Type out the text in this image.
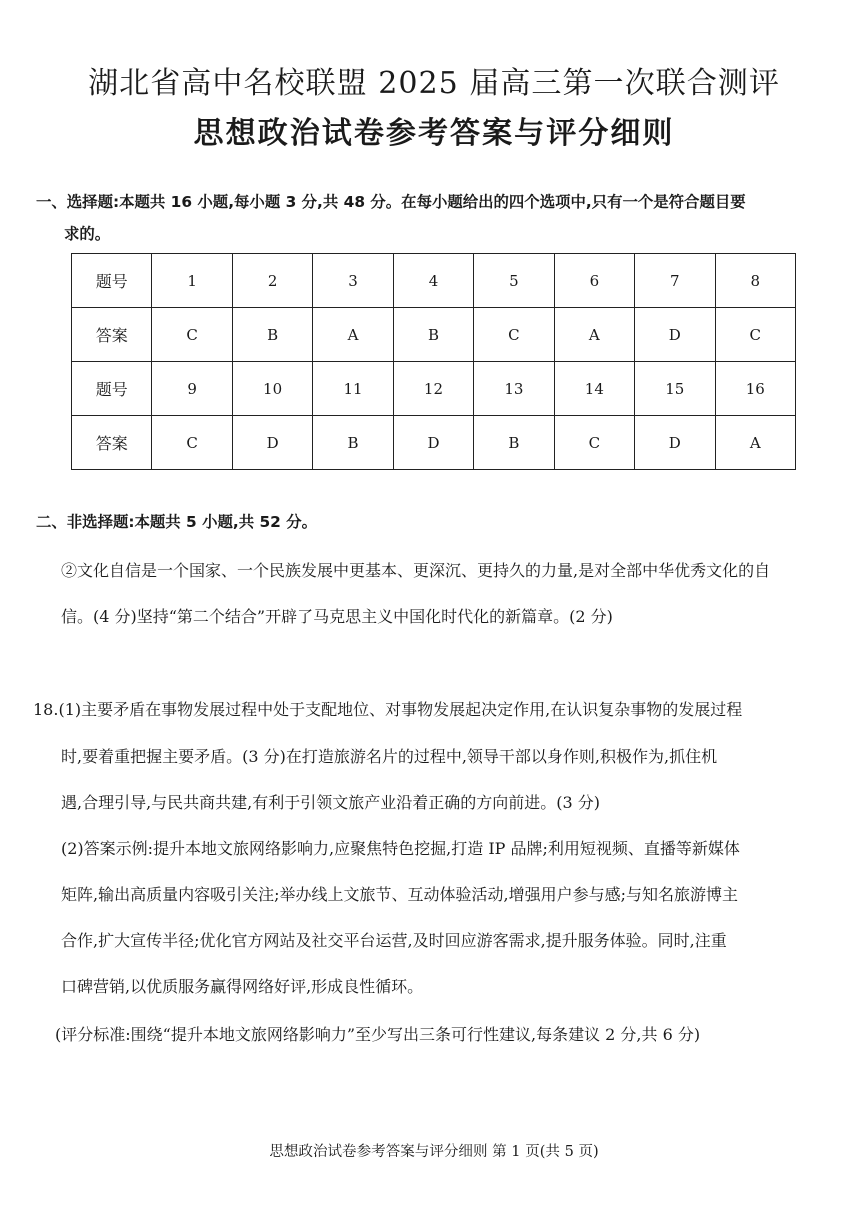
湖北省高中名校联盟 2025 届高三第一次联合测评
思想政治试卷参考答案与评分细则
一、选择题:本题共 16 小题,每小题 3 分,共 48 分。在每小题给出的四个选项中,只有一个是符合题目要
求的。
题号	1	2	3	4	5	6	7	8
答案	C	B	A	B	C	A	D	C
题号	9	10	11	12	13	14	15	16
答案	C	D	B	D	B	C	D	A
二、非选择题:本题共 5 小题,共 52 分。
②文化自信是一个国家、一个民族发展中更基本、更深沉、更持久的力量,是对全部中华优秀文化的自
信。(4 分)坚持“第二个结合”开辟了马克思主义中国化时代化的新篇章。(2 分)
18.(1)主要矛盾在事物发展过程中处于支配地位、对事物发展起决定作用,在认识复杂事物的发展过程
时,要着重把握主要矛盾。(3 分)在打造旅游名片的过程中,领导干部以身作则,积极作为,抓住机
遇,合理引导,与民共商共建,有利于引领文旅产业沿着正确的方向前进。(3 分)
(2)答案示例:提升本地文旅网络影响力,应聚焦特色挖掘,打造 IP 品牌;利用短视频、直播等新媒体
矩阵,输出高质量内容吸引关注;举办线上文旅节、互动体验活动,增强用户参与感;与知名旅游博主
合作,扩大宣传半径;优化官方网站及社交平台运营,及时回应游客需求,提升服务体验。同时,注重
口碑营销,以优质服务赢得网络好评,形成良性循环。
(评分标准:围绕“提升本地文旅网络影响力”至少写出三条可行性建议,每条建议 2 分,共 6 分)
思想政治试卷参考答案与评分细则 第 1 页(共 5 页)
